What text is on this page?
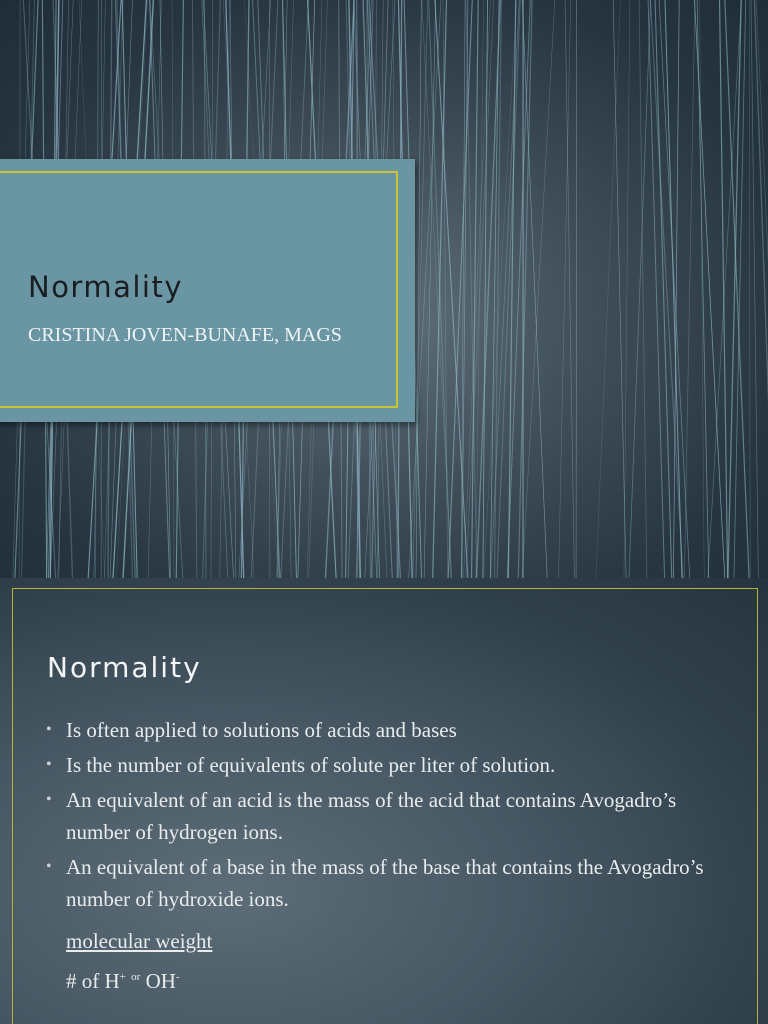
Normality

CRISTINA JOVEN-BUNAFE, MAGS

Normality
• Is often applied to solutions of acids and bases
• Is the number of equivalents of solute per liter of solution.
• An equivalent of an acid is the mass of the acid that contains Avogadro’s number of hydrogen ions.
• An equivalent of a base in the mass of the base that contains the Avogadro’s number of hydroxide ions.
molecular weight
# of H+ $^{or}$ OH-
